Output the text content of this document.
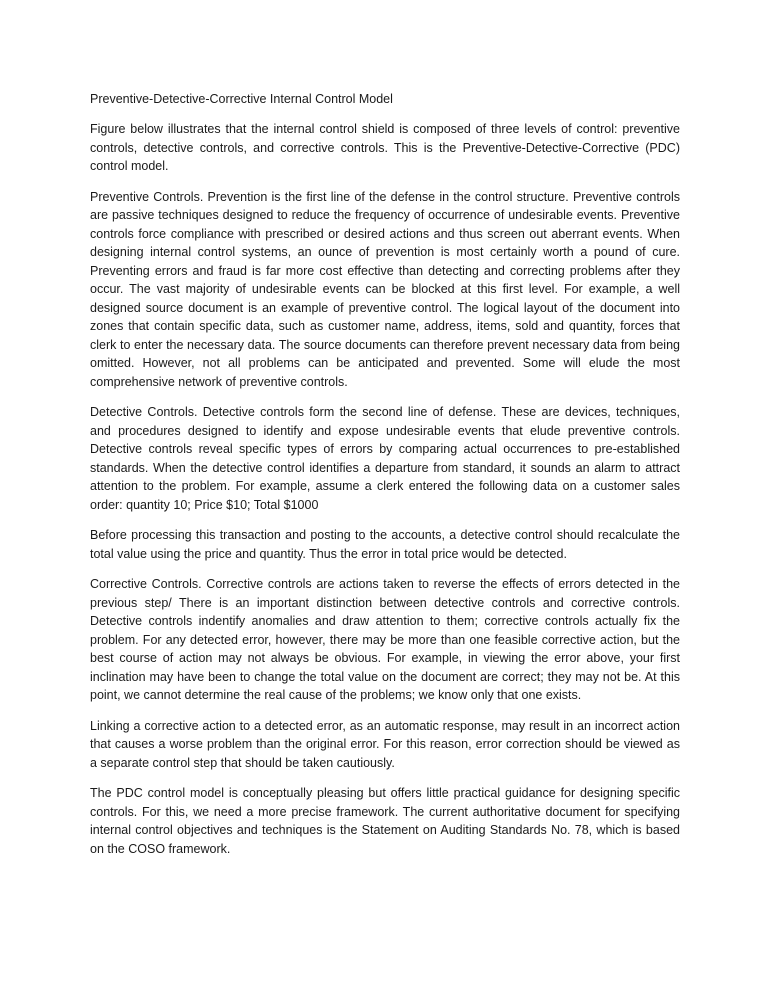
Preventive-Detective-Corrective Internal Control Model

Figure below illustrates that the internal control shield is composed of three levels of control: preventive controls, detective controls, and corrective controls. This is the Preventive-Detective-Corrective (PDC) control model.

Preventive Controls. Prevention is the first line of the defense in the control structure. Preventive controls are passive techniques designed to reduce the frequency of occurrence of undesirable events. Preventive controls force compliance with prescribed or desired actions and thus screen out aberrant events. When designing internal control systems, an ounce of prevention is most certainly worth a pound of cure. Preventing errors and fraud is far more cost effective than detecting and correcting problems after they occur. The vast majority of undesirable events can be blocked at this first level. For example, a well designed source document is an example of preventive control. The logical layout of the document into zones that contain specific data, such as customer name, address, items, sold and quantity, forces that clerk to enter the necessary data. The source documents can therefore prevent necessary data from being omitted. However, not all problems can be anticipated and prevented. Some will elude the most comprehensive network of preventive controls.

Detective Controls. Detective controls form the second line of defense. These are devices, techniques, and procedures designed to identify and expose undesirable events that elude preventive controls. Detective controls reveal specific types of errors by comparing actual occurrences to pre-established standards. When the detective control identifies a departure from standard, it sounds an alarm to attract attention to the problem. For example, assume a clerk entered the following data on a customer sales order: quantity 10; Price $10; Total $1000

Before processing this transaction and posting to the accounts, a detective control should recalculate the total value using the price and quantity. Thus the error in total price would be detected.

Corrective Controls. Corrective controls are actions taken to reverse the effects of errors detected in the previous step/ There is an important distinction between detective controls and corrective controls. Detective controls indentify anomalies and draw attention to them; corrective controls actually fix the problem. For any detected error, however, there may be more than one feasible corrective action, but the best course of action may not always be obvious. For example, in viewing the error above, your first inclination may have been to change the total value on the document are correct; they may not be. At this point, we cannot determine the real cause of the problems; we know only that one exists.

Linking a corrective action to a detected error, as an automatic response, may result in an incorrect action that causes a worse problem than the original error. For this reason, error correction should be viewed as a separate control step that should be taken cautiously.

The PDC control model is conceptually pleasing but offers little practical guidance for designing specific controls. For this, we need a more precise framework. The current authoritative document for specifying internal control objectives and techniques is the Statement on Auditing Standards No. 78, which is based on the COSO framework.
